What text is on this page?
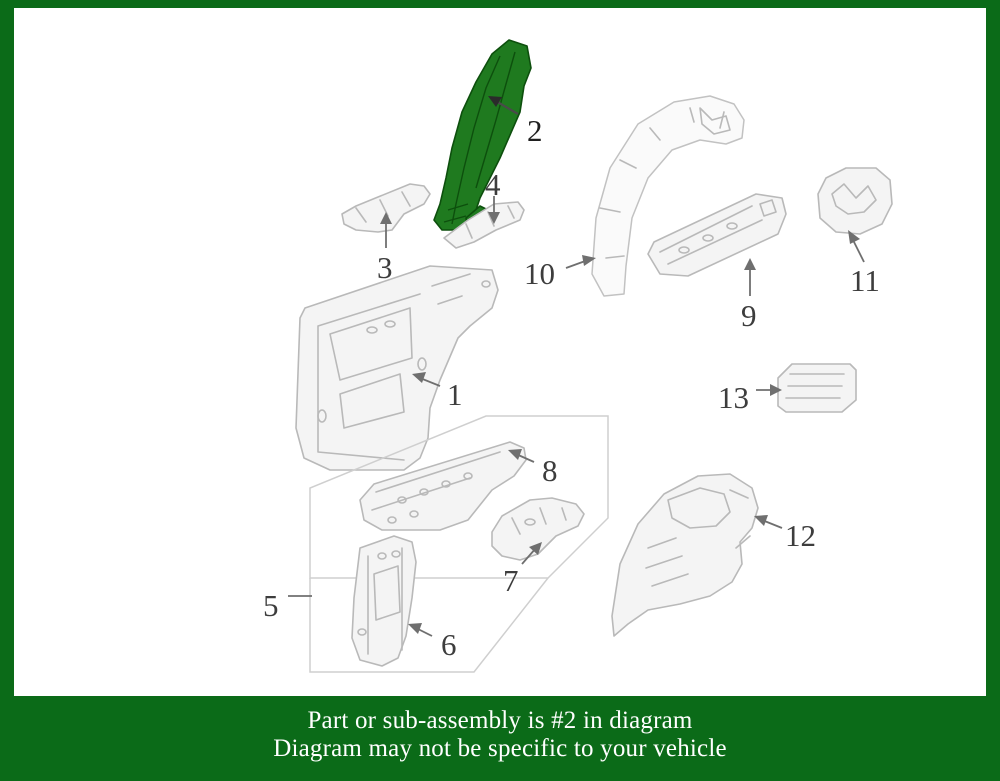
1
2
3
4
5
6
7
8
9
10	11
12
13
Part or sub-assembly is #2 in diagram
Diagram may not be specific to your vehicle
